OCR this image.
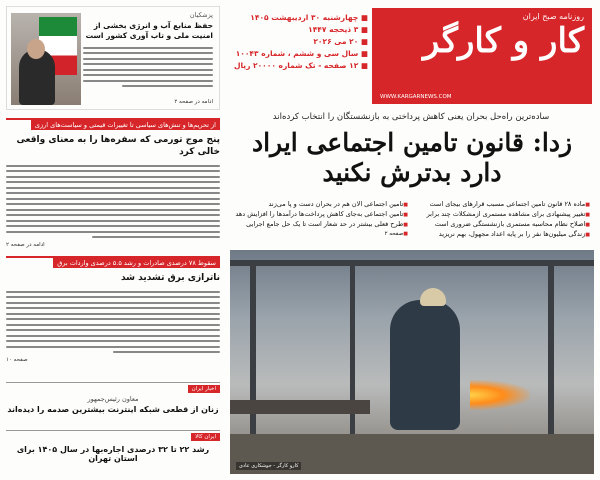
روزنامه صبح ایران
کار و کارگر
WWW.KARGARNEWS.COM
■ چهارشنبه ۳۰ اردیبهشت ۱۴۰۵
■ ۳ ذیحجه ۱۴۴۷
■ ۲۰ می ۲۰۲۶
■ سال سی و ششم ، شماره ۱۰۰۴۳
■ ۱۲ صفحه - تک شماره ۲۰۰۰۰ ریال
پزشکیان
حفظ منابع آب و انرژی بخشی از امنیت ملی و تاب آوری کشور است
ادامه در صفحه ۲
سادەترین راه‌حل بحران یعنی کاهش پرداختی به بازنشستگان را انتخاب کرده‌اند
زدا: قانون تامین اجتماعی ایراد دارد بدترش نکنید
■ ماده ۲۸ قانون تامین اجتماعی مسبب قرارهای بیجای است
■ تغییر پیشنهادی برای مشاهده مستمری ازمشکلات چند برابر
■ اصلاح نظام محاسبه مستمری بازنشستگی ضروری است
■ زندگی میلیون‌ها نفر را بر پایه اعداد مجهول، بهم نریزید
■ تامین اجتماعی الان هم در بحران دست و پا می‌زند
■ تامین اجتماعی به‌جای کاهش پرداخت‌ها درآمدها را افزایش دهد
■ طرح فعلی بیشتر در حد شعار است تا یک حل جامع اجرایی
■ صفحه ۲
کارو کارگر - جوشکاری عادی
از تحریم‌ها و تنش‌های سیاسی تا تغییرات قیمتی و سیاست‌های ارزی
پنج موج تورمی که سفره‌ها را به معنای واقعی خالی کرد
ادامه در صفحه ۲
سقوط ۷۸ درصدی صادرات و رشد ۵.۵ درصدی واردات برق
ناترازی برق تشدید شد
صفحه ۱۰
اخبار ایران
معاون رئیس‌جمهور
زنان از قطعی شبکه اینترنت بیشترین صدمه را دیده‌اند
ایران کالا
رشد ۲۲ تا ۳۲ درصدی اجاره‌بها در سال ۱۴۰۵ برای استان تهران
